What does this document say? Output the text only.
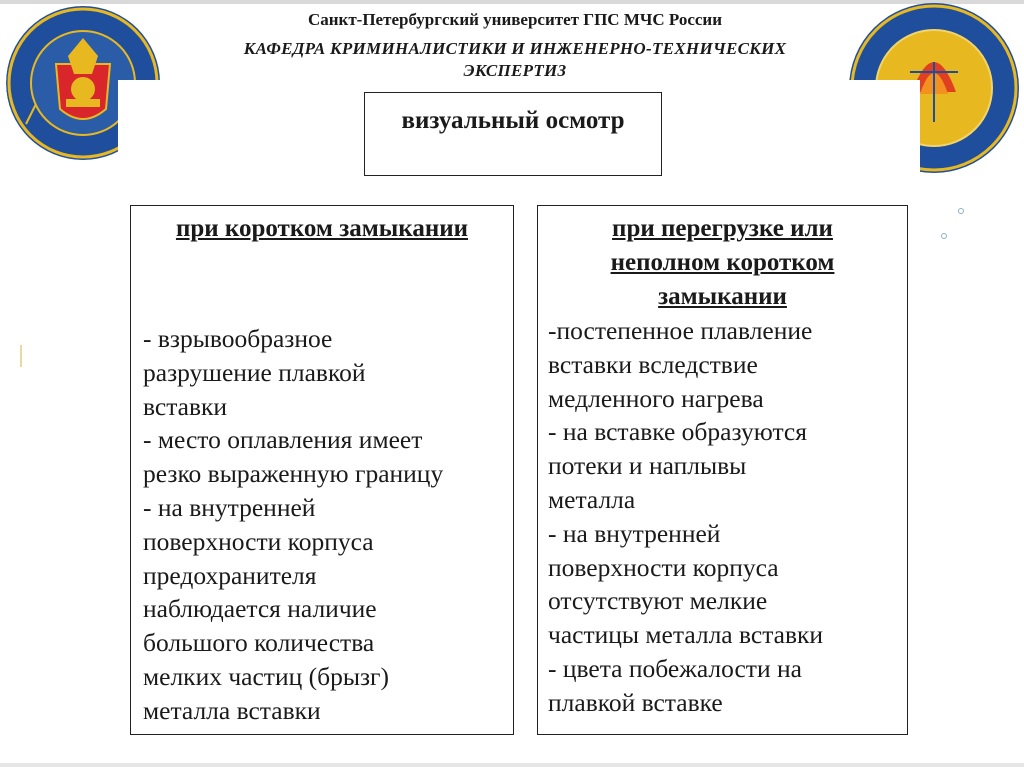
Санкт-Петербургский университет ГПС МЧС России
КАФЕДРА КРИМИНАЛИСТИКИ И ИНЖЕНЕРНО-ТЕХНИЧЕСКИХ
ЭКСПЕРТИЗ
визуальный осмотр
при коротком замыкании
- взрывообразное
разрушение плавкой
вставки
- место оплавления имеет
резко выраженную границу
- на внутренней
поверхности корпуса
предохранителя
наблюдается наличие
большого количества
мелких частиц (брызг)
металла вставки
при перегрузке или
неполном коротком
замыкании
-постепенное плавление
вставки вследствие
медленного нагрева
- на вставке образуются
потеки и наплывы
металла
- на внутренней
поверхности корпуса
отсутствуют мелкие
частицы металла вставки
- цвета побежалости на
плавкой вставке
